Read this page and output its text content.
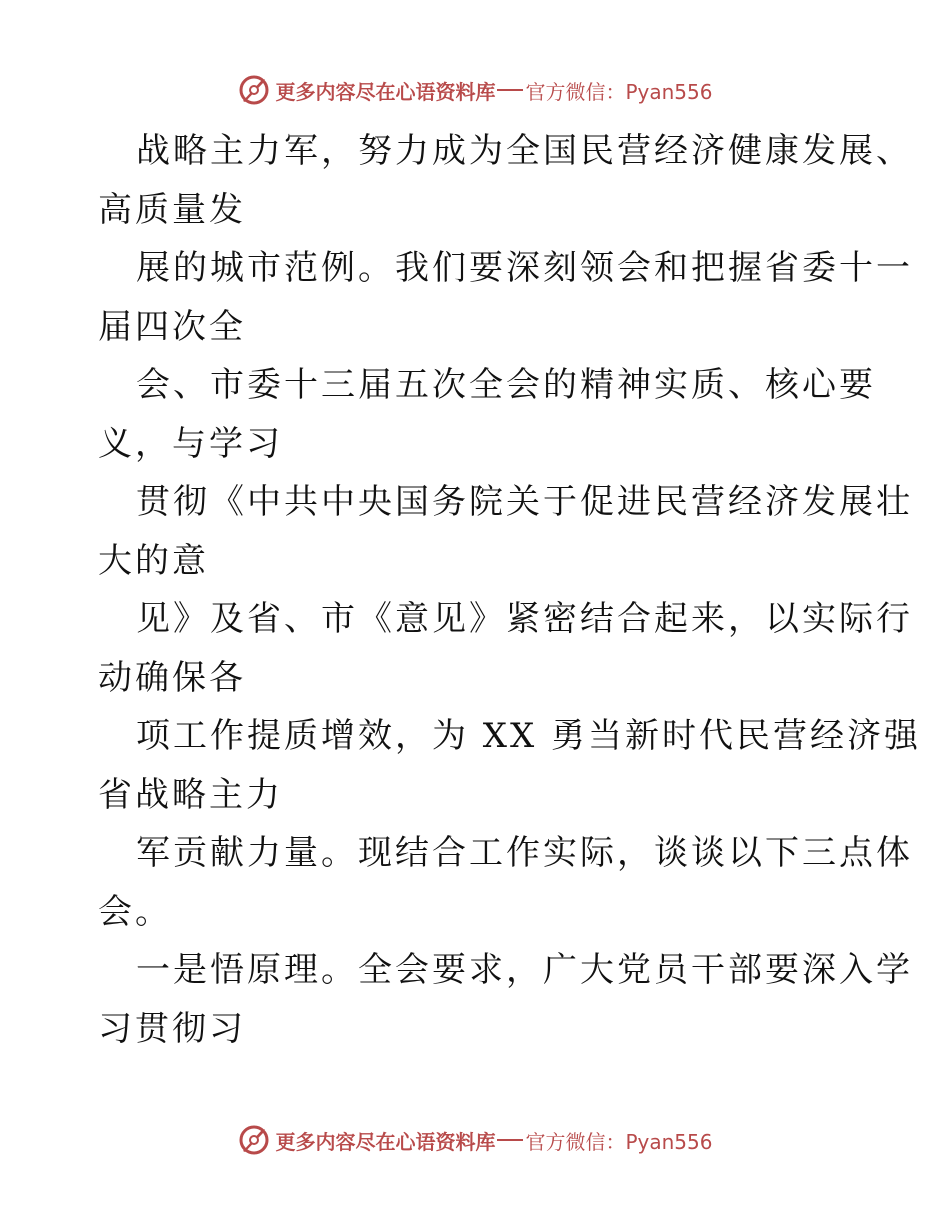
更多内容尽在心语资料库 官方微信：Pyan556
战略主力军，努力成为全国民营经济健康发展、
高质量发
展的城市范例。我们要深刻领会和把握省委十一
届四次全
会、市委十三届五次全会的精神实质、核心要
义，与学习
贯彻《中共中央国务院关于促进民营经济发展壮
大的意
见》及省、市《意见》紧密结合起来，以实际行
动确保各
项工作提质增效，为 XX 勇当新时代民营经济强
省战略主力
军贡献力量。现结合工作实际，谈谈以下三点体
会。
一是悟原理。全会要求，广大党员干部要深入学
习贯彻习
更多内容尽在心语资料库 官方微信：Pyan556
